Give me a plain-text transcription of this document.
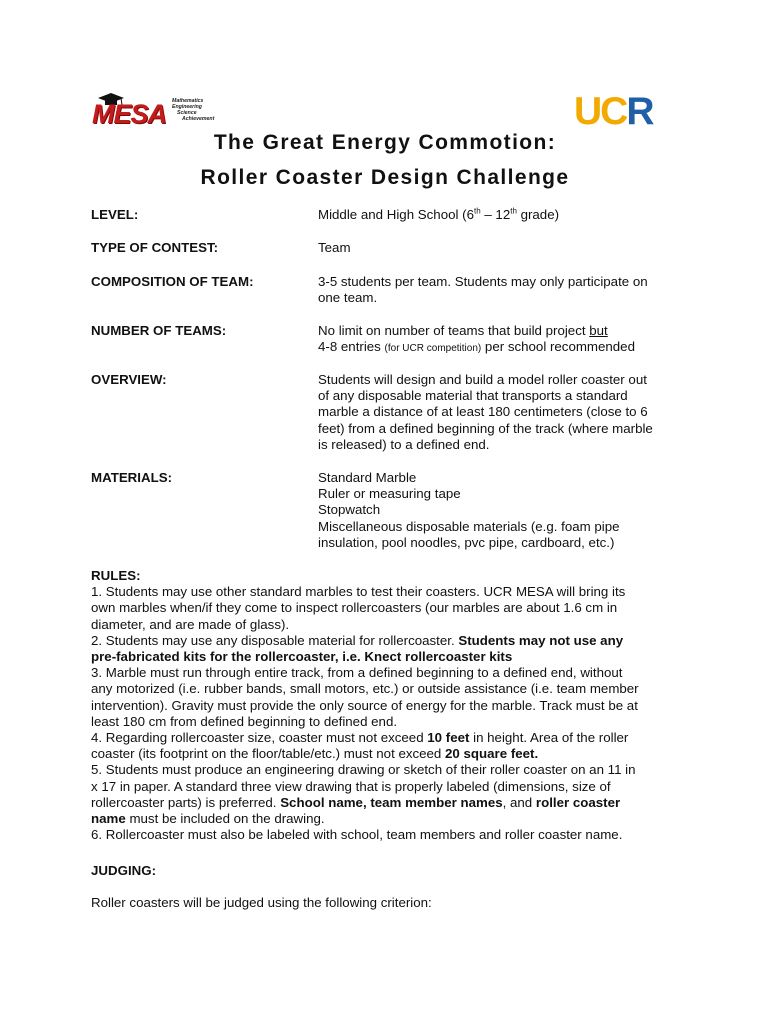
MESA Mathematics
Engineering
Science
Achievement	UCR
The Great Energy Commotion:
Roller Coaster Design Challenge
LEVEL:	Middle and High School (6th – 12th grade)
TYPE OF CONTEST:	Team
COMPOSITION OF TEAM:	3-5 students per team. Students may only participate on
one team.
NUMBER OF TEAMS:	No limit on number of teams that build project but
4-8 entries (for UCR competition) per school recommended
OVERVIEW:	Students will design and build a model roller coaster out
of any disposable material that transports a standard
marble a distance of at least 180 centimeters (close to 6
feet) from a defined beginning of the track (where marble
is released) to a defined end.
MATERIALS:	Standard Marble
Ruler or measuring tape
Stopwatch
Miscellaneous disposable materials (e.g. foam pipe
insulation, pool noodles, pvc pipe, cardboard, etc.)
RULES:
1. Students may use other standard marbles to test their coasters. UCR MESA will bring its
own marbles when/if they come to inspect rollercoasters (our marbles are about 1.6 cm in
diameter, and are made of glass).
2. Students may use any disposable material for rollercoaster. Students may not use any
pre-fabricated kits for the rollercoaster, i.e. Knect rollercoaster kits
3. Marble must run through entire track, from a defined beginning to a defined end, without
any motorized (i.e. rubber bands, small motors, etc.) or outside assistance (i.e. team member
intervention). Gravity must provide the only source of energy for the marble. Track must be at
least 180 cm from defined beginning to defined end.
4. Regarding rollercoaster size, coaster must not exceed 10 feet in height. Area of the roller
coaster (its footprint on the floor/table/etc.) must not exceed 20 square feet.
5. Students must produce an engineering drawing or sketch of their roller coaster on an 11 in
x 17 in paper. A standard three view drawing that is properly labeled (dimensions, size of
rollercoaster parts) is preferred. School name, team member names, and roller coaster
name must be included on the drawing.
6. Rollercoaster must also be labeled with school, team members and roller coaster name.
JUDGING:
Roller coasters will be judged using the following criterion:
